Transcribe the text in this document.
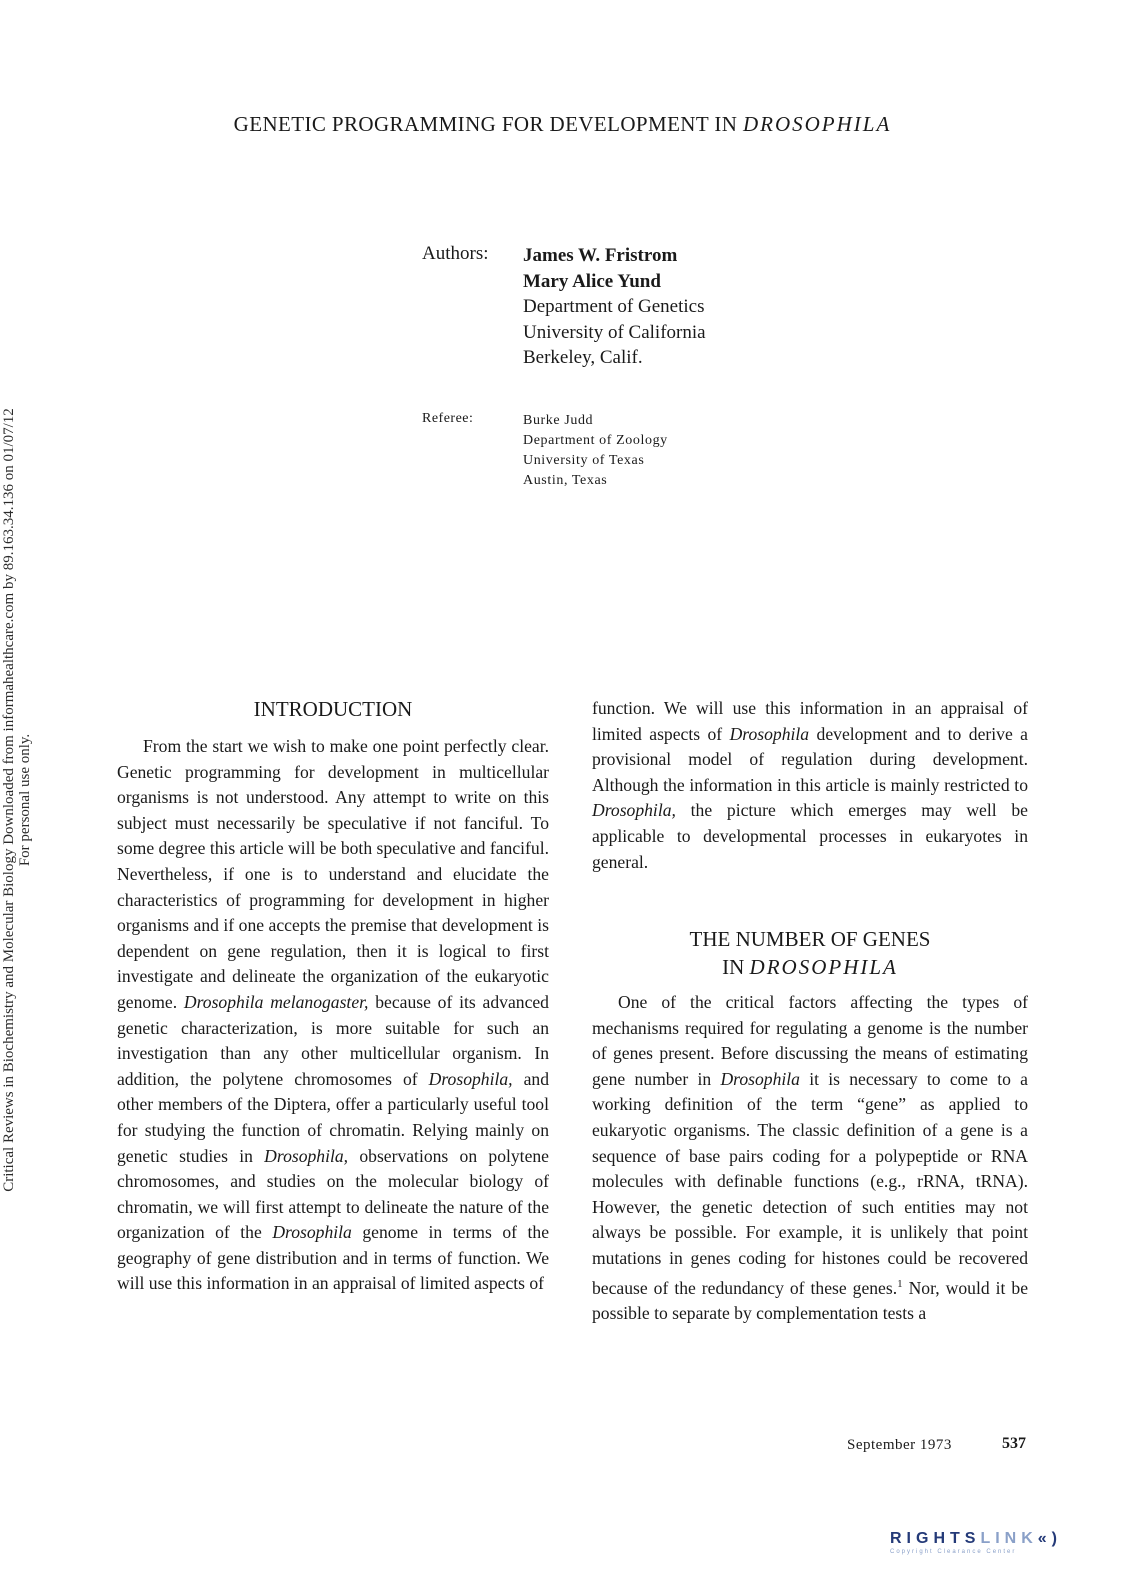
GENETIC PROGRAMMING FOR DEVELOPMENT IN DROSOPHILA
Authors: James W. Fristrom
Mary Alice Yund
Department of Genetics
University of California
Berkeley, Calif.
Referee:	Burke Judd
Department of Zoology
University of Texas
Austin, Texas
Critical Reviews in Biochemistry and Molecular Biology Downloaded from informahealthcare.com by 89.163.34.136 on 01/07/12 For personal use only.
INTRODUCTION

From the start we wish to make one point perfectly clear. Genetic programming for development in multicellular organisms is not understood. Any attempt to write on this subject must necessarily be speculative if not fanciful. To some degree this article will be both speculative and fanciful. Nevertheless, if one is to understand and elucidate the characteristics of programming for development in higher organisms and if one accepts the premise that development is dependent on gene regulation, then it is logical to first investigate and delineate the organization of the eukaryotic genome. Drosophila melanogaster, because of its advanced genetic characterization, is more suitable for such an investigation than any other multicellular organism. In addition, the polytene chromosomes of Drosophila, and other members of the Diptera, offer a particularly useful tool for studying the function of chromatin. Relying mainly on genetic studies in Drosophila, observations on polytene chromosomes, and studies on the molecular biology of chromatin, we will first attempt to delineate the nature of the organization of the Drosophila genome in terms of the geography of gene distribution and in terms of function. We will use this information in an appraisal of limited aspects of

function. We will use this information in an appraisal of limited aspects of Drosophila development and to derive a provisional model of regulation during development. Although the information in this article is mainly restricted to Drosophila, the picture which emerges may well be applicable to developmental processes in eukaryotes in general.

THE NUMBER OF GENES
IN DROSOPHILA

One of the critical factors affecting the types of mechanisms required for regulating a genome is the number of genes present. Before discussing the means of estimating gene number in Drosophila it is necessary to come to a working definition of the term “gene” as applied to eukaryotic organisms. The classic definition of a gene is a sequence of base pairs coding for a polypeptide or RNA molecules with definable functions (e.g., rRNA, tRNA). However, the genetic detection of such entities may not always be possible. For example, it is unlikely that point mutations in genes coding for histones could be recovered because of the redundancy of these genes.$^1$ Nor, would it be possible to separate by complementation tests a

September 1973	537
RIGHTSLINK«)
Copyright Clearance Center
